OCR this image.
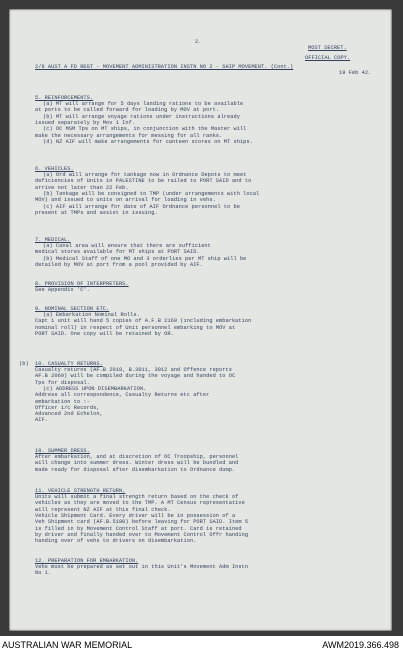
2.
MOST SECRET.
OFFICIAL COPY.
2/8 AUST A FD REGT - MOVEMENT ADMINISTRATION INSTN NO 2 - SHIP MOVEMENT. (Cont.)
19 Feb 42.
5. REINFORCEMENTS.
(a) MT will arrange for 5 days landing rations to be available
at ports to be called forward for loading by MOV at port.
(b) MT will arrange voyage rations under instructions already
issued separately by Mov 1 Inf.
(c) OC MSM Tps on MT ships, in conjunction with the Master will
make the necessary arrangements for messing for all ranks.
(d) NZ AIF will make arrangements for canteen stores on MT ships.
6. VEHICLES.
(a) Ord will arrange for tankage now in Ordnance Depots to meet
deficiencies of Units in PALESTINE to be railed to PORT SAID and to
arrive not later than 22 Feb.
(b) Tankage will be consigned to TMP (under arrangements with local
MOV) and issued to units on arrival for loading in vehs.
(c) AIF will arrange for date of AIF Ordnance personnel to be
present at TMPs and assist in issuing.
7. MEDICAL.
(a) Canal area will ensure that there are sufficient
medical stores available for MT ships at PORT SAID.
(b) Medical Staff of one MO and 3 orderlies per MT ship will be
detailed by MOV at port from a pool provided by AIF.
8. PROVISION OF INTERPRETERS.
See Appendix 'C'.
9. NOMINAL SECTION ETC.
(a) Embarkation Nominal Rolls.
Capt i unit will hand 5 copies of A.F.B 2169 (including embarkation
nominal roll) in respect of Unit personnel embarking to MOV at
PORT SAID. One copy will be retained by OR.
(b) 10. CASUALTY RETURNS.
Casualty returns (AF.B 2010, B.3011, 3012 and Offence reports
AF.B 2069) will be compiled during the voyage and handed to OC
Tps for disposal.
(c) ADDRESS UPON DISEMBARKATION.
Address all correspondence, Casualty Returns etc after
embarkation to :-
Officer i/c Records,
Advanced 2nd Echelon,
AIF.
10. SUMMER DRESS.
After embarkation, and at discretion of OC Troopship, personnel
will change into summer dress. Winter dress will be bundled and
made ready for disposal after disembarkation to Ordnance dump.
11. VEHICLE STRENGTH RETURN.
Units will submit a final strength return based on the check of
vehicles as they are moved to the TMP. A MT Census representative
will represent NZ AIF at this final check.
Vehicle Shipment Card. Every driver will be in possession of a
Veh Shipment card (AF.B.5180) before leaving for PORT SAID. Item 5
is filled in by Movement Control Staff at port. Card is retained
by driver and finally handed over to Movement Control Offr handing
handing over of vehs to drivers on disembarkation.
12. PREPARATION FOR EMBARKATION.
Vehs must be prepared as set out in this Unit's Movement Adm Instn
No 1.
AUSTRALIAN WAR MEMORIAL	AWM2019.366.498
